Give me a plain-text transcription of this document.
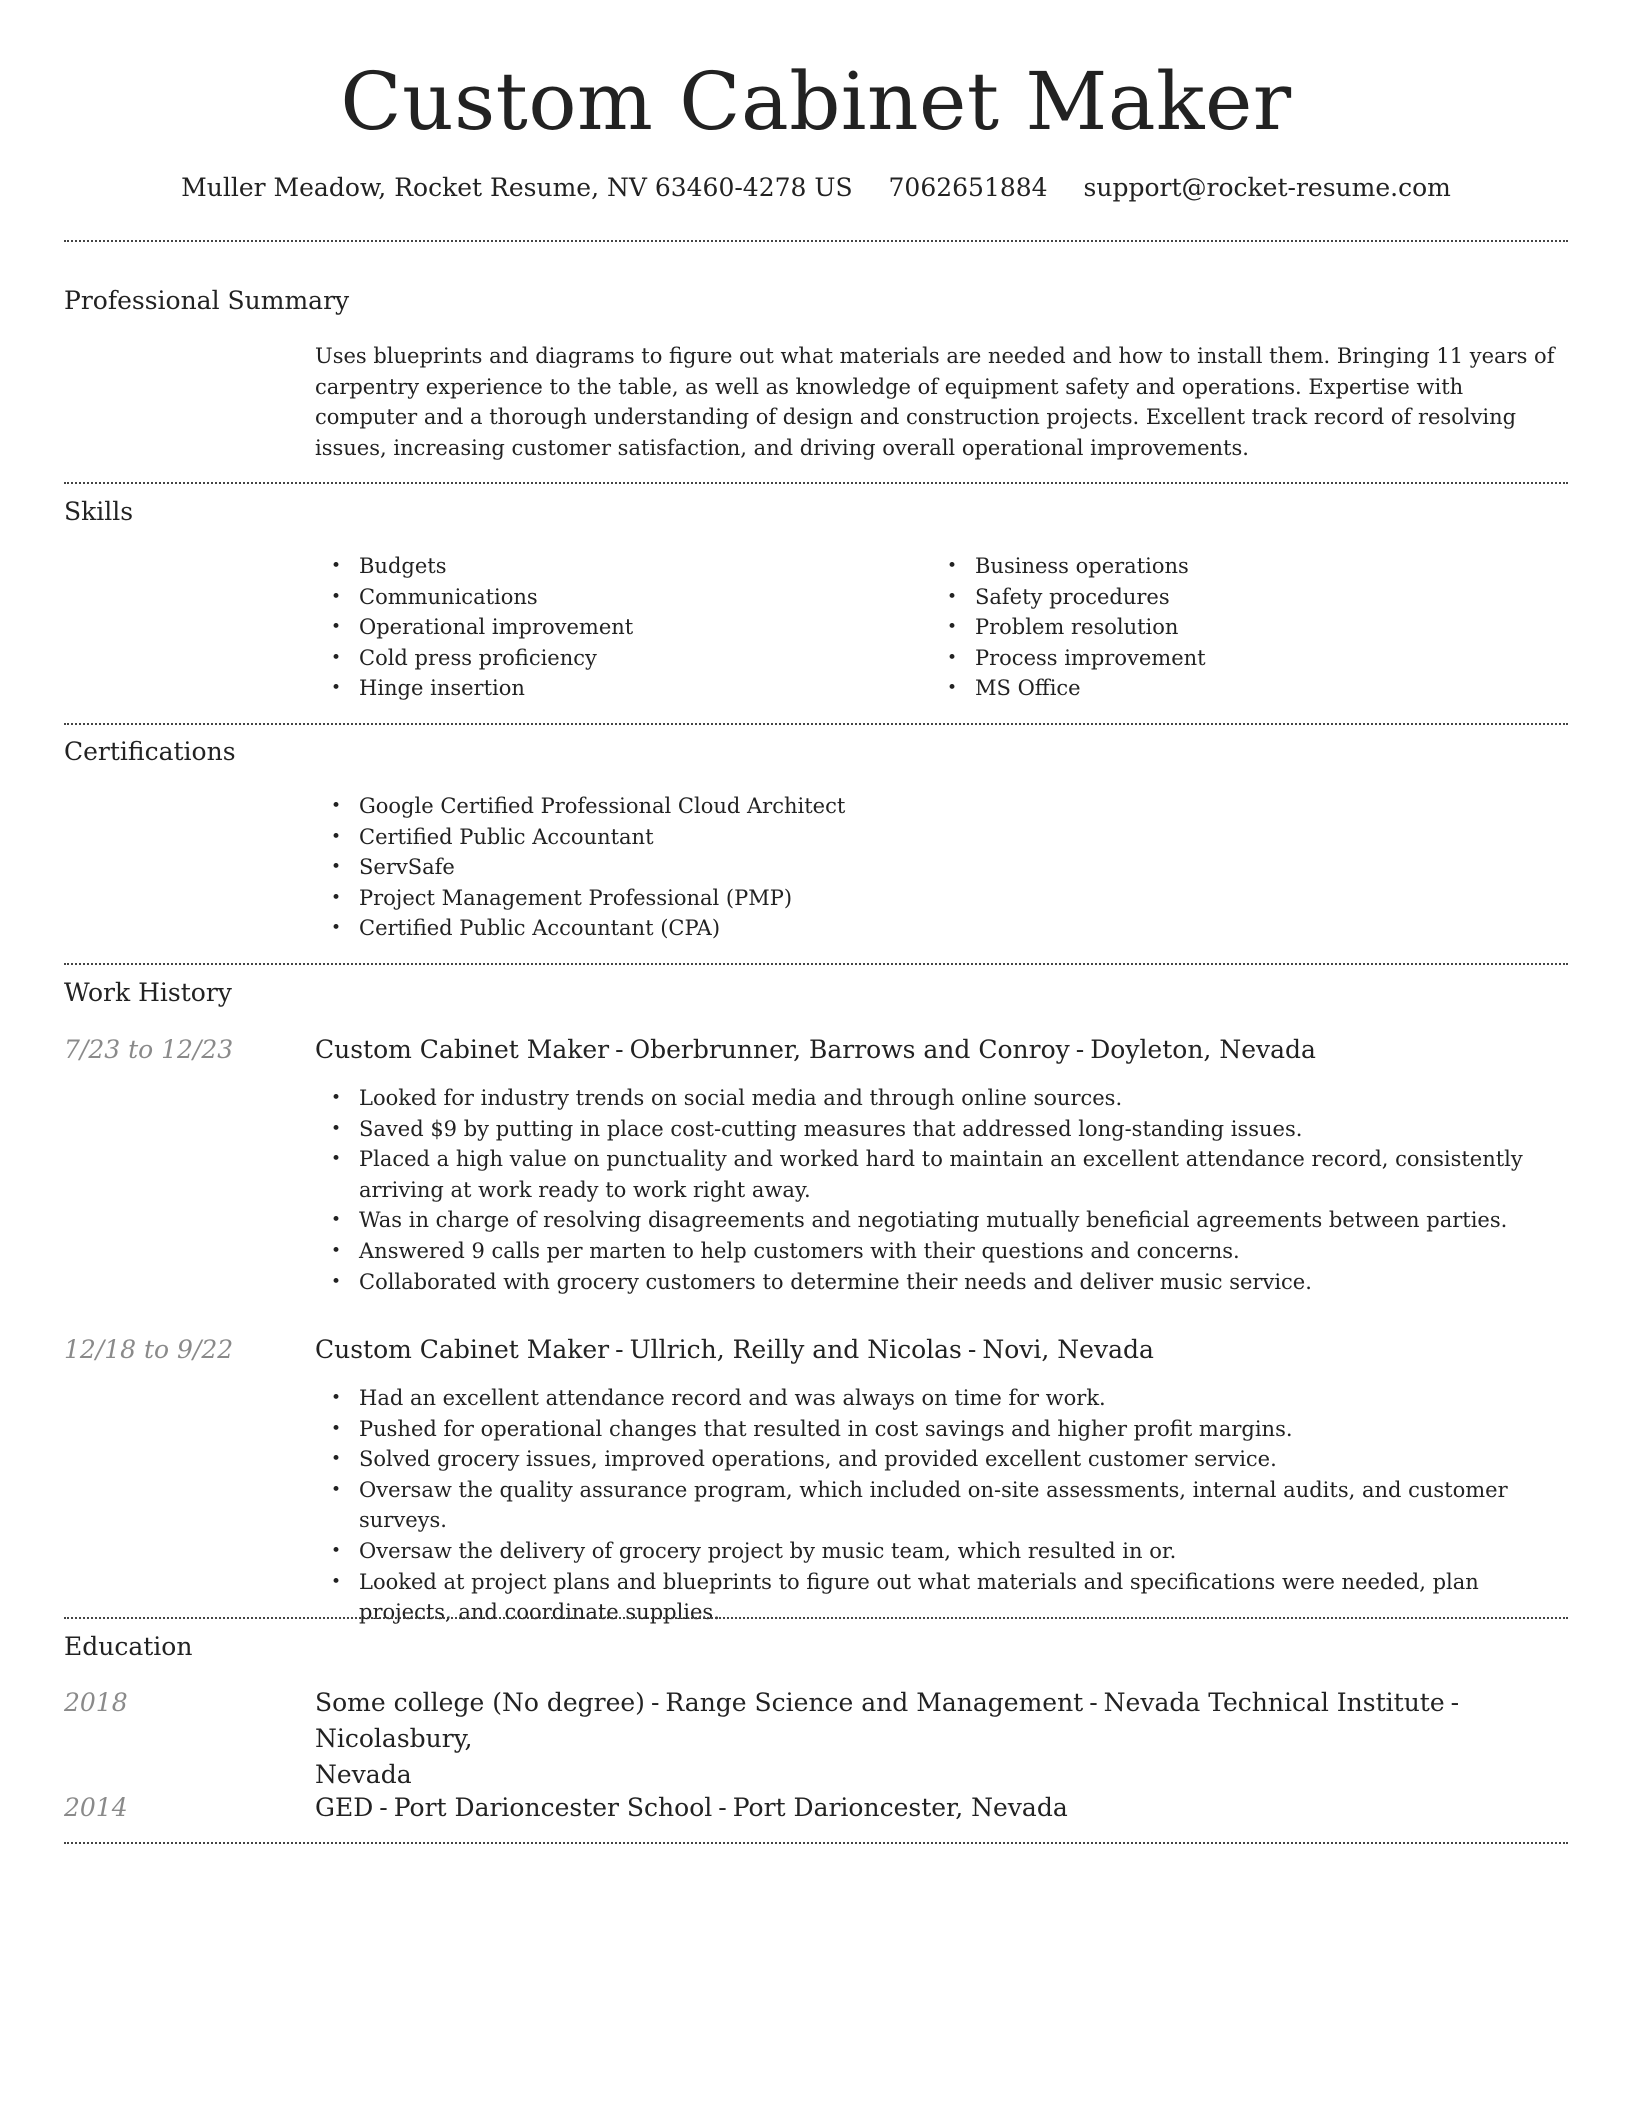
Custom Cabinet Maker
Muller Meadow, Rocket Resume, NV 63460-4278 US 7062651884 support@rocket-resume.com
Professional Summary

Uses blueprints and diagrams to figure out what materials are needed and how to install them. Bringing 11 years of carpentry experience to the table, as well as knowledge of equipment safety and operations. Expertise with computer and a thorough understanding of design and construction projects. Excellent track record of resolving issues, increasing customer satisfaction, and driving overall operational improvements.

Skills
• Budgets
• Communications
• Operational improvement
• Cold press proficiency
• Hinge insertion
• Business operations
• Safety procedures
• Problem resolution
• Process improvement
• MS Office
Certifications
• Google Certified Professional Cloud Architect
• Certified Public Accountant
• ServSafe
• Project Management Professional (PMP)
• Certified Public Accountant (CPA)
Work History
7/23 to 12/23	Custom Cabinet Maker - Oberbrunner, Barrows and Conroy - Doyleton, Nevada
• Looked for industry trends on social media and through online sources.
• Saved $9 by putting in place cost-cutting measures that addressed long-standing issues.
• Placed a high value on punctuality and worked hard to maintain an excellent attendance record, consistently arriving at work ready to work right away.
• Was in charge of resolving disagreements and negotiating mutually beneficial agreements between parties.
• Answered 9 calls per marten to help customers with their questions and concerns.
• Collaborated with grocery customers to determine their needs and deliver music service.
12/18 to 9/22	Custom Cabinet Maker - Ullrich, Reilly and Nicolas - Novi, Nevada
• Had an excellent attendance record and was always on time for work.
• Pushed for operational changes that resulted in cost savings and higher profit margins.
• Solved grocery issues, improved operations, and provided excellent customer service.
• Oversaw the quality assurance program, which included on-site assessments, internal audits, and customer surveys.
• Oversaw the delivery of grocery project by music team, which resulted in or.
• Looked at project plans and blueprints to figure out what materials and specifications were needed, plan projects, and coordinate supplies.
Education
2018	Some college (No degree) - Range Science and Management - Nevada Technical Institute -Nicolasbury,
Nevada
2014	GED - Port Darioncester School - Port Darioncester, Nevada
